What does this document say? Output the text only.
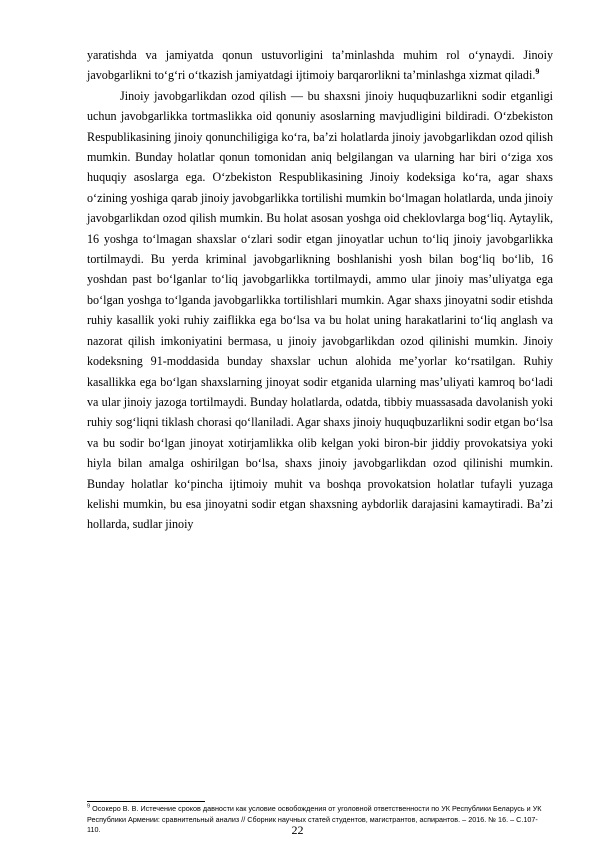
yaratishda va jamiyatda qonun ustuvorligini taʼminlashda muhim rol oʻynaydi. Jinoiy javobgarlikni toʻgʻri oʻtkazish jamiyatdagi ijtimoiy barqarorlikni taʼminlashga xizmat qiladi.$^9$

Jinoiy javobgarlikdan ozod qilish — bu shaxsni jinoiy huquqbuzarlikni sodir etganligi uchun javobgarlikka tortmaslikka oid qonuniy asoslarning mavjudligini bildiradi. Oʻzbekiston Respublikasining jinoiy qonunchiligiga koʻra, baʼzi holatlarda jinoiy javobgarlikdan ozod qilish mumkin. Bunday holatlar qonun tomonidan aniq belgilangan va ularning har biri oʻziga xos huquqiy asoslarga ega. Oʻzbekiston Respublikasining Jinoiy kodeksiga koʻra, agar shaxs oʻzining yoshiga qarab jinoiy javobgarlikka tortilishi mumkin boʻlmagan holatlarda, unda jinoiy javobgarlikdan ozod qilish mumkin. Bu holat asosan yoshga oid cheklovlarga bogʻliq. Aytaylik, 16 yoshga toʻlmagan shaxslar oʻzlari sodir etgan jinoyatlar uchun toʻliq jinoiy javobgarlikka tortilmaydi. Bu yerda kriminal javobgarlikning boshlanishi yosh bilan bogʻliq boʻlib, 16 yoshdan past boʻlganlar toʻliq javobgarlikka tortilmaydi, ammo ular jinoiy masʼuliyatga ega boʻlgan yoshga toʻlganda javobgarlikka tortilishlari mumkin. Agar shaxs jinoyatni sodir etishda ruhiy kasallik yoki ruhiy zaiflikka ega boʻlsa va bu holat uning harakatlarini toʻliq anglash va nazorat qilish imkoniyatini bermasa, u jinoiy javobgarlikdan ozod qilinishi mumkin. Jinoiy kodeksning 91-moddasida bunday shaxslar uchun alohida meʼyorlar koʻrsatilgan. Ruhiy kasallikka ega boʻlgan shaxslarning jinoyat sodir etganida ularning masʼuliyati kamroq boʻladi va ular jinoiy jazoga tortilmaydi. Bunday holatlarda, odatda, tibbiy muassasada davolanish yoki ruhiy sogʻliqni tiklash chorasi qoʻllaniladi. Agar shaxs jinoiy huquqbuzarlikni sodir etgan boʻlsa va bu sodir boʻlgan jinoyat xotirjamlikka olib kelgan yoki biron-bir jiddiy provokatsiya yoki hiyla bilan amalga oshirilgan boʻlsa, shaxs jinoiy javobgarlikdan ozod qilinishi mumkin. Bunday holatlar koʻpincha ijtimoiy muhit va boshqa provokatsion holatlar tufayli yuzaga kelishi mumkin, bu esa jinoyatni sodir etgan shaxsning aybdorlik darajasini kamaytiradi. Baʼzi hollarda, sudlar jinoiy

$^9$ Осокеро В. В. Истечение сроков давности как условие освобождения от уголовной ответственности по УК Республики Беларусь и УК Республики Армении: сравнительный анализ // Сборник научных статей студентов, магистрантов, аспирантов. – 2016. № 16. – С.107- 110.	22
